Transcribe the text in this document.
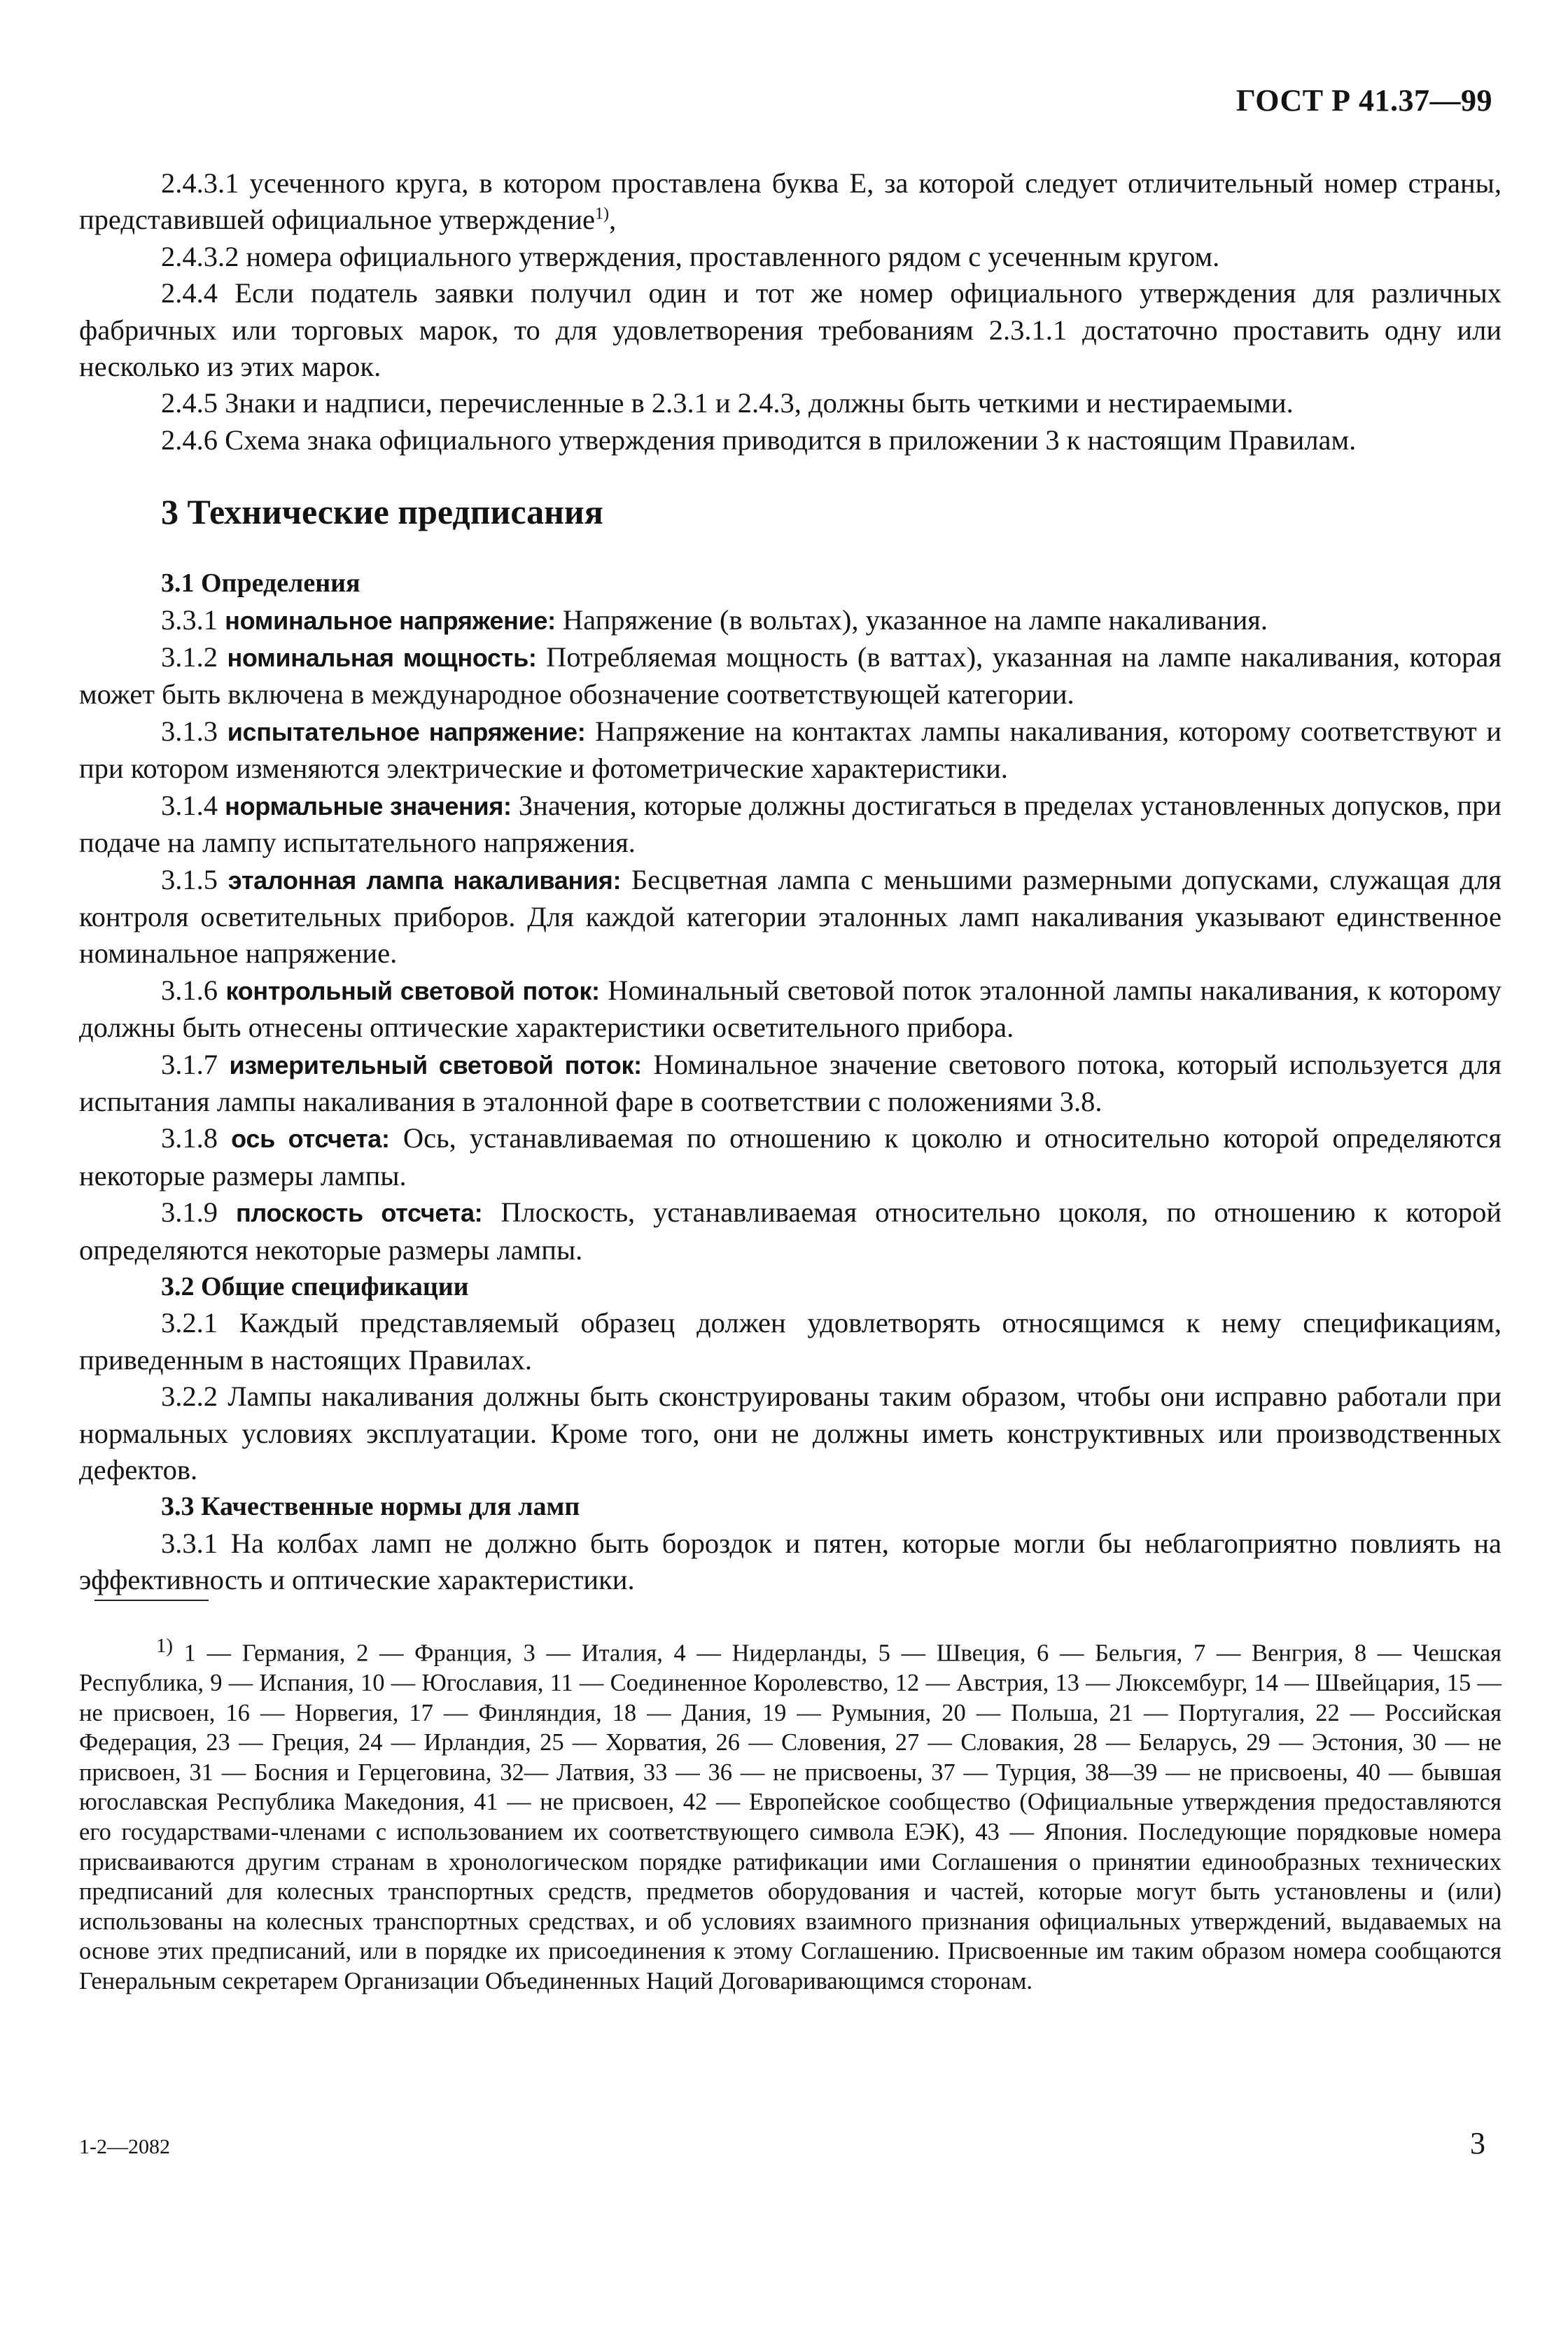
ГОСТ Р 41.37—99

2.4.3.1 усеченного круга, в котором проставлена буква Е, за которой следует отличительный номер страны, представившей официальное утверждение$^{1)}$,

2.4.3.2 номера официального утверждения, проставленного рядом с усеченным кругом.

2.4.4 Если податель заявки получил один и тот же номер официального утверждения для различных фабричных или торговых марок, то для удовлетворения требованиям 2.3.1.1 достаточно проставить одну или несколько из этих марок.

2.4.5 Знаки и надписи, перечисленные в 2.3.1 и 2.4.3, должны быть четкими и нестираемыми.

2.4.6 Схема знака официального утверждения приводится в приложении 3 к настоящим Правилам.

3 Технические предписания

3.1 Определения

3.3.1 номинальное напряжение: Напряжение (в вольтах), указанное на лампе накаливания.

3.1.2 номинальная мощность: Потребляемая мощность (в ваттах), указанная на лампе накаливания, которая может быть включена в международное обозначение соответствующей категории.

3.1.3 испытательное напряжение: Напряжение на контактах лампы накаливания, которому соответствуют и при котором изменяются электрические и фотометрические характеристики.

3.1.4 нормальные значения: Значения, которые должны достигаться в пределах установленных допусков, при подаче на лампу испытательного напряжения.

3.1.5 эталонная лампа накаливания: Бесцветная лампа с меньшими размерными допусками, служащая для контроля осветительных приборов. Для каждой категории эталонных ламп накаливания указывают единственное номинальное напряжение.

3.1.6 контрольный световой поток: Номинальный световой поток эталонной лампы накаливания, к которому должны быть отнесены оптические характеристики осветительного прибора.

3.1.7 измерительный световой поток: Номинальное значение светового потока, который используется для испытания лампы накаливания в эталонной фаре в соответствии с положениями 3.8.

3.1.8 ось отсчета: Ось, устанавливаемая по отношению к цоколю и относительно которой определяются некоторые размеры лампы.

3.1.9 плоскость отсчета: Плоскость, устанавливаемая относительно цоколя, по отношению к которой определяются некоторые размеры лампы.

3.2 Общие спецификации

3.2.1 Каждый представляемый образец должен удовлетворять относящимся к нему спецификациям, приведенным в настоящих Правилах.

3.2.2 Лампы накаливания должны быть сконструированы таким образом, чтобы они исправно работали при нормальных условиях эксплуатации. Кроме того, они не должны иметь конструктивных или производственных дефектов.

3.3 Качественные нормы для ламп

3.3.1 На колбах ламп не должно быть бороздок и пятен, которые могли бы неблагоприятно повлиять на эффективность и оптические характеристики.

$^{1)}$ 1 — Германия, 2 — Франция, 3 — Италия, 4 — Нидерланды, 5 — Швеция, 6 — Бельгия, 7 — Венгрия, 8 — Чешская Республика, 9 — Испания, 10 — Югославия, 11 — Соединенное Королевство, 12 — Австрия, 13 — Люксембург, 14 — Швейцария, 15 — не присвоен, 16 — Норвегия, 17 — Финляндия, 18 — Дания, 19 — Румыния, 20 — Польша, 21 — Португалия, 22 — Российская Федерация, 23 — Греция, 24 — Ирландия, 25 — Хорватия, 26 — Словения, 27 — Словакия, 28 — Беларусь, 29 — Эстония, 30 — не присвоен, 31 — Босния и Герцеговина, 32— Латвия, 33 — 36 — не присвоены, 37 — Турция, 38—39 — не присвоены, 40 — бывшая югославская Республика Македония, 41 — не присвоен, 42 — Европейское сообщество (Официальные утверждения предоставляются его государствами-членами с использованием их соответствующего символа ЕЭК), 43 — Япония. Последующие порядковые номера присваиваются другим странам в хронологическом порядке ратификации ими Соглашения о принятии единообразных технических предписаний для колесных транспортных средств, предметов оборудования и частей, которые могут быть установлены и (или) использованы на колесных транспортных средствах, и об условиях взаимного признания официальных утверждений, выдаваемых на основе этих предписаний, или в порядке их присоединения к этому Соглашению. Присвоенные им таким образом номера сообщаются Генеральным секретарем Организации Объединенных Наций Договаривающимся сторонам.

1-2—2082	3
